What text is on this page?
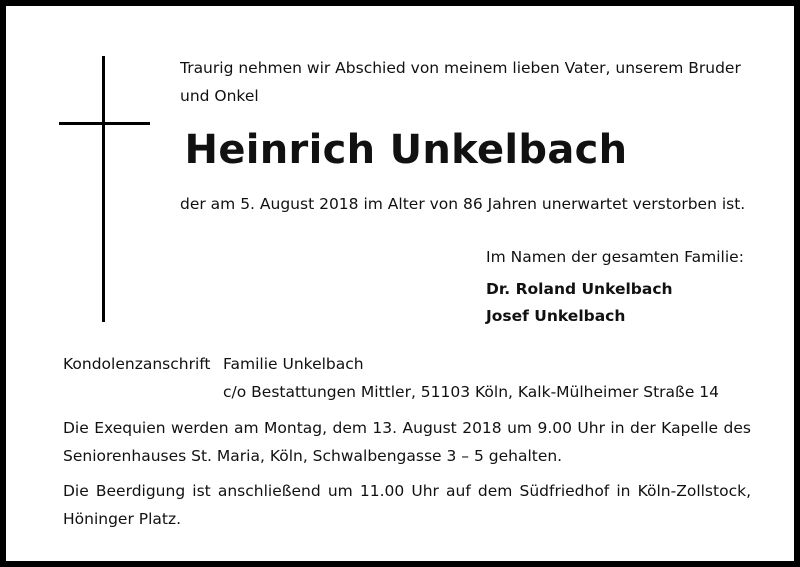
Traurig nehmen wir Abschied von meinem lieben Vater, unserem Bruder
und Onkel
Heinrich Unkelbach
der am 5. August 2018 im Alter von 86 Jahren unerwartet verstorben ist.
Im Namen der gesamten Familie:
Dr. Roland Unkelbach
Josef Unkelbach
Kondolenzanschrift Familie Unkelbach
c/o Bestattungen Mittler, 51103 Köln, Kalk-Mülheimer Straße 14
Die Exequien werden am Montag, dem 13. August 2018 um 9.00 Uhr in der Kapelle des Seniorenhauses St. Maria, Köln, Schwalbengasse 3 – 5 gehalten.
Die Beerdigung ist anschließend um 11.00 Uhr auf dem Südfriedhof in Köln-Zollstock, Höninger Platz.
